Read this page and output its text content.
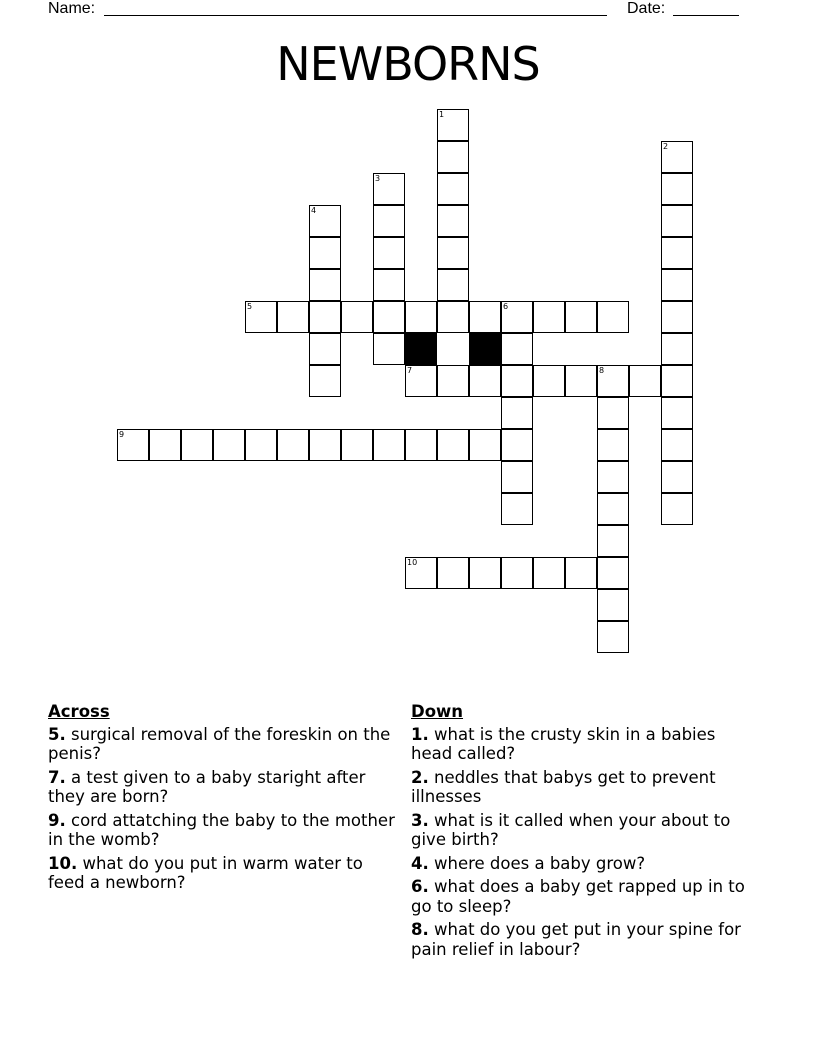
Name:	Date:
NEWBORNS
1
2
3
4
5	6
7	8
9
10
Across
5. surgical removal of the foreskin on the penis?
7. a test given to a baby staright after they are born?
9. cord attatching the baby to the mother in the womb?
10. what do you put in warm water to feed a newborn?
Down
1. what is the crusty skin in a babies head called?
2. neddles that babys get to prevent illnesses
3. what is it called when your about to give birth?
4. where does a baby grow?
6. what does a baby get rapped up in to go to sleep?
8. what do you get put in your spine for pain relief in labour?
